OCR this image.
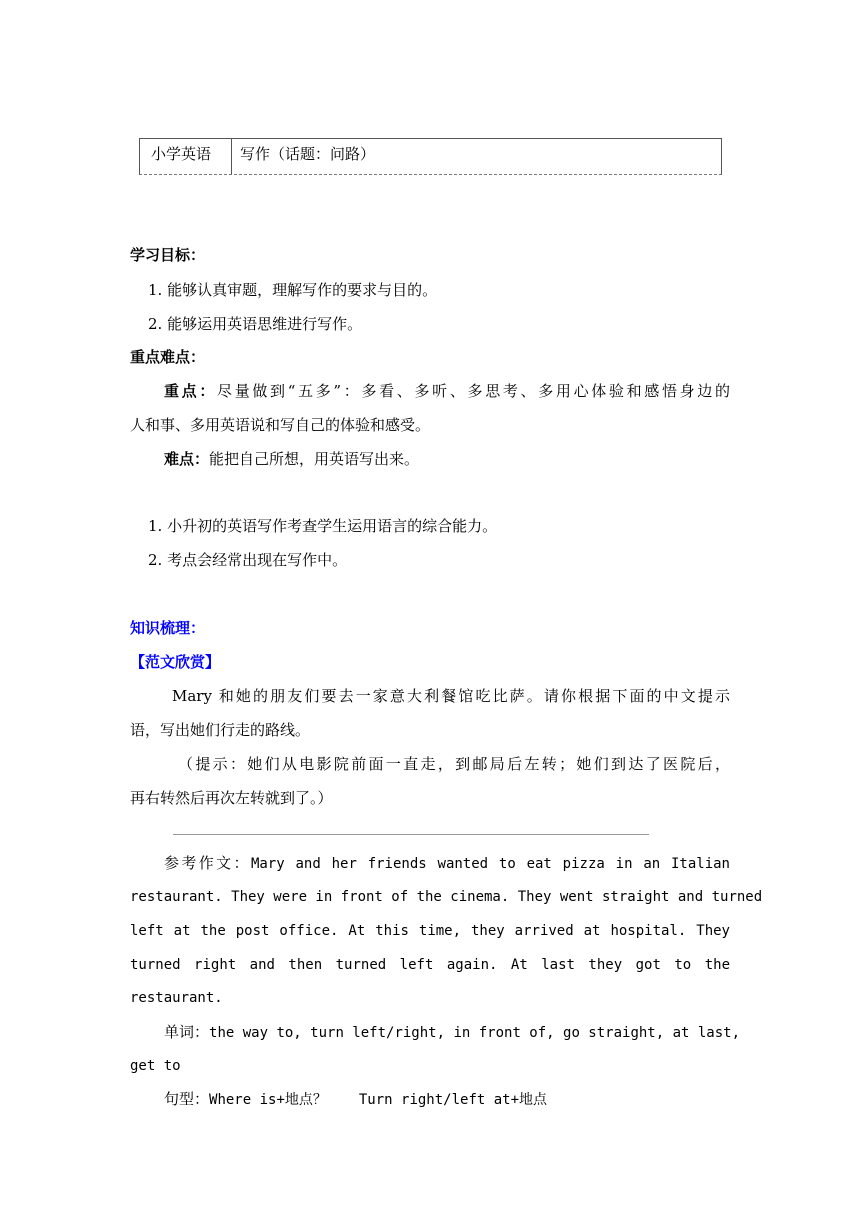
小学英语	写作（话题：问路）
学习目标：
1. 能够认真审题，理解写作的要求与目的。
2. 能够运用英语思维进行写作。
重点难点：
重点：尽量做到“五多”：多看、多听、多思考、多用心体验和感悟身边的
人和事、多用英语说和写自己的体验和感受。
难点：能把自己所想，用英语写出来。
1. 小升初的英语写作考查学生运用语言的综合能力。
2. 考点会经常出现在写作中。
知识梳理：
【范文欣赏】
Mary 和她的朋友们要去一家意大利餐馆吃比萨。请你根据下面的中文提示
语，写出她们行走的路线。
（提示：她们从电影院前面一直走，到邮局后左转；她们到达了医院后，
再右转然后再次左转就到了。）
参考作文：Mary and her friends wanted to eat pizza in an Italian
restaurant. They were in front of the cinema. They went straight and turned
left at the post office. At this time, they arrived at hospital. They
turned right and then turned left again. At last they got to the
restaurant.
单词：the way to, turn left/right, in front of, go straight, at last,
get to
句型：Where is+地点？ Turn right/left at+地点
